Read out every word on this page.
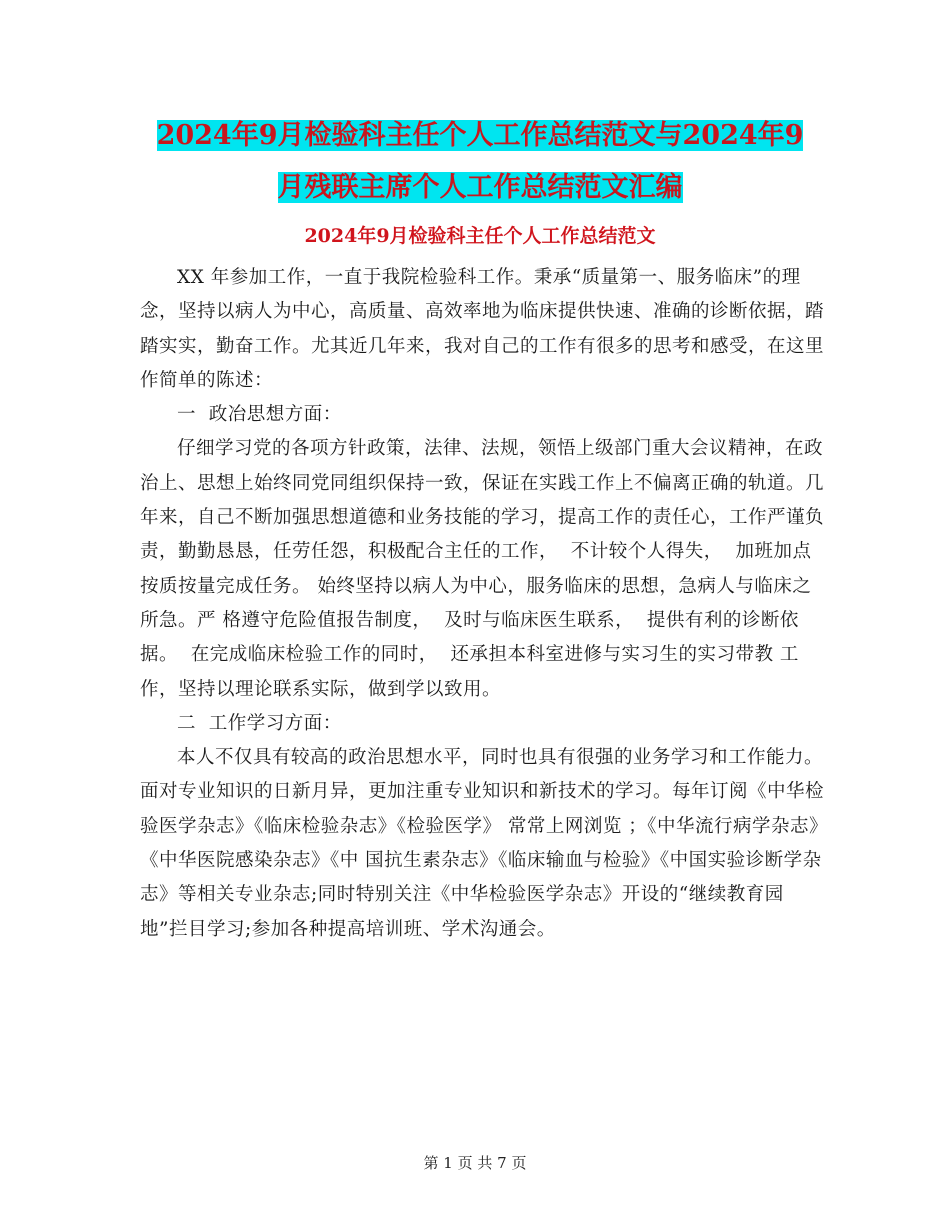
2024年9月检验科主任个人工作总结范文与2024年9
月残联主席个人工作总结范文汇编

2024年9月检验科主任个人工作总结范文

XX 年参加工作，一直于我院检验科工作。秉承“质量第一、服务临床”的理念，坚持以病人为中心，高质量、高效率地为临床提供快速、准确的诊断依据，踏踏实实，勤奋工作。尤其近几年来，我对自己的工作有很多的思考和感受，在这里作简单的陈述：

一  政冶思想方面：

仔细学习党的各项方针政策，法律、法规，领悟上级部门重大会议精神，在政治上、思想上始终同党同组织保持一致，保证在实践工作上不偏离正确的轨道。几年来，自己不断加强思想道德和业务技能的学习，提高工作的责任心，工作严谨负责，勤勤恳恳，任劳任怨，积极配合主任的工作，  不计较个人得失，  加班加点按质按量完成任务。 始终坚持以病人为中心，服务临床的思想，急病人与临床之所急。严 格遵守危险值报告制度，  及时与临床医生联系，  提供有利的诊断依据。  在完成临床检验工作的同时，  还承担本科室进修与实习生的实习带教 工作，坚持以理论联系实际，做到学以致用。

二  工作学习方面：

本人不仅具有较高的政治思想水平，同时也具有很强的业务学习和工作能力。面对专业知识的日新月异，更加注重专业知识和新技术的学习。每年订阅《中华检验医学杂志》《临床检验杂志》《检验医学》 常常上网浏览 ；《中华流行病学杂志》《中华医院感染杂志》《中 国抗生素杂志》《临床输血与检验》《中国实验诊断学杂志》等相关专业杂志;同时特别关注《中华检验医学杂志》开设的“继续教育园地”拦目学习;参加各种提高培训班、学术沟通会。

第 1 页 共 7 页
